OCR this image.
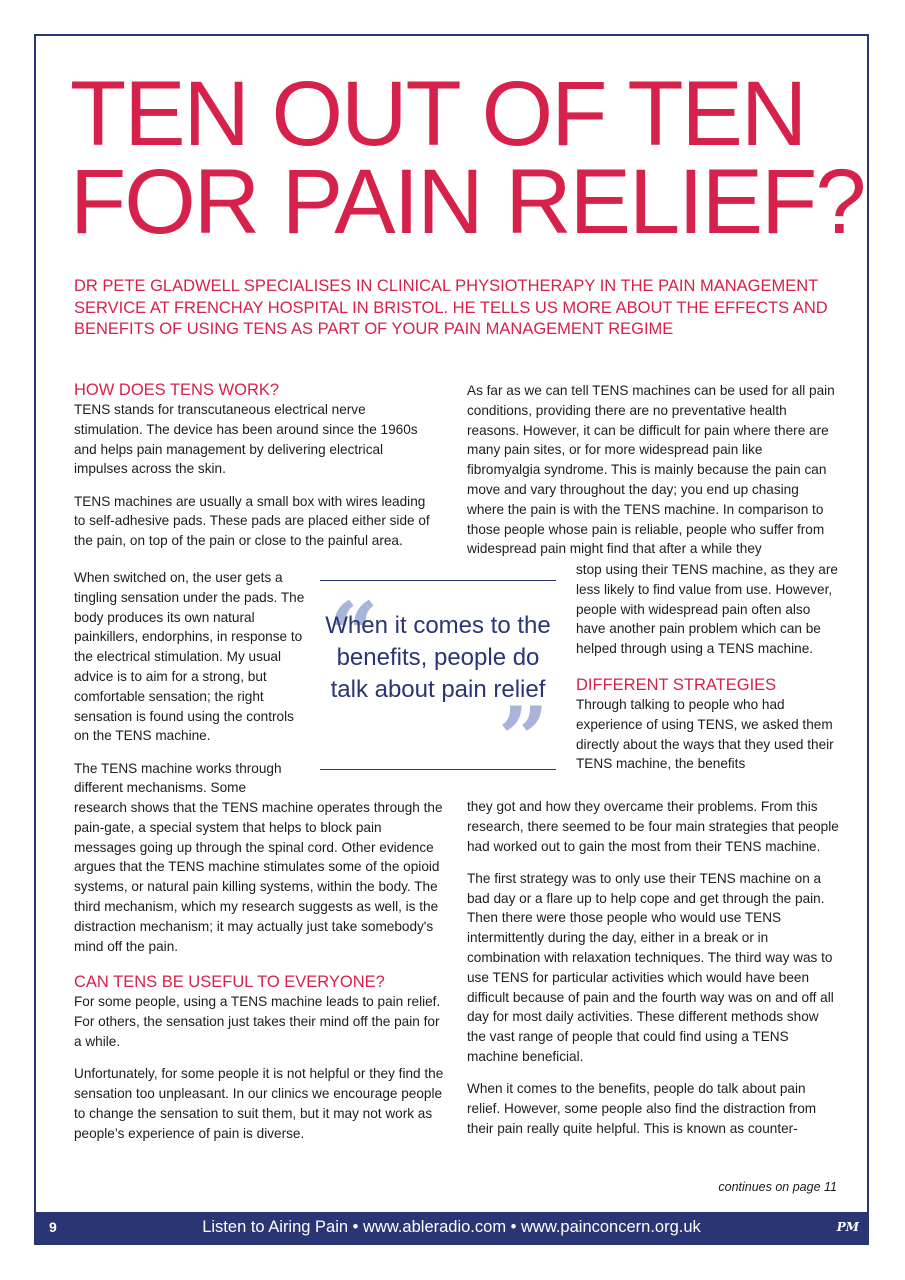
TEN OUT OF TEN
FOR PAIN RELIEF?

DR PETE GLADWELL SPECIALISES IN CLINICAL PHYSIOTHERAPY IN THE PAIN MANAGEMENT SERVICE AT FRENCHAY HOSPITAL IN BRISTOL. HE TELLS US MORE ABOUT THE EFFECTS AND BENEFITS OF USING TENS AS PART OF YOUR PAIN MANAGEMENT REGIME

HOW DOES TENS WORK?

TENS stands for transcutaneous electrical nerve stimulation. The device has been around since the 1960s and helps pain management by delivering electrical impulses across the skin.

TENS machines are usually a small box with wires leading to self-adhesive pads. These pads are placed either side of the pain, on top of the pain or close to the painful area.

When switched on, the user gets a tingling sensation under the pads. The body produces its own natural painkillers, endorphins, in response to the electrical stimulation. My usual advice is to aim for a strong, but comfortable sensation; the right sensation is found using the controls on the TENS machine.

The TENS machine works through different mechanisms. Some

research shows that the TENS machine operates through the pain-gate, a special system that helps to block pain messages going up through the spinal cord. Other evidence argues that the TENS machine stimulates some of the opioid systems, or natural pain killing systems, within the body. The third mechanism, which my research suggests as well, is the distraction mechanism; it may actually just take somebody's mind off the pain.

CAN TENS BE USEFUL TO EVERYONE?

For some people, using a TENS machine leads to pain relief. For others, the sensation just takes their mind off the pain for a while.

Unfortunately, for some people it is not helpful or they find the sensation too unpleasant. In our clinics we encourage people to change the sensation to suit them, but it may not work as people’s experience of pain is diverse.

As far as we can tell TENS machines can be used for all pain conditions, providing there are no preventative health reasons. However, it can be difficult for pain where there are many pain sites, or for more widespread pain like fibromyalgia syndrome. This is mainly because the pain can move and vary throughout the day; you end up chasing where the pain is with the TENS machine. In comparison to those people whose pain is reliable, people who suffer from widespread pain might find that after a while they

stop using their TENS machine, as they are less likely to find value from use. However, people with widespread pain often also have another pain problem which can be helped through using a TENS machine.

DIFFERENT STRATEGIES

Through talking to people who had experience of using TENS, we asked them directly about the ways that they used their TENS machine, the benefits

they got and how they overcame their problems. From this research, there seemed to be four main strategies that people had worked out to gain the most from their TENS machine.

The first strategy was to only use their TENS machine on a bad day or a flare up to help cope and get through the pain. Then there were those people who would use TENS intermittently during the day, either in a break or in combination with relaxation techniques. The third way was to use TENS for particular activities which would have been difficult because of pain and the fourth way was on and off all day for most daily activities. These different methods show the vast range of people that could find using a TENS machine beneficial.

When it comes to the benefits, people do talk about pain relief. However, some people also find the distraction from their pain really quite helpful. This is known as counter-

“
When it comes to the benefits, people do talk about pain relief
”
continues on page 11
9	Listen to Airing Pain • www.ableradio.com • www.painconcern.org.uk	PM
